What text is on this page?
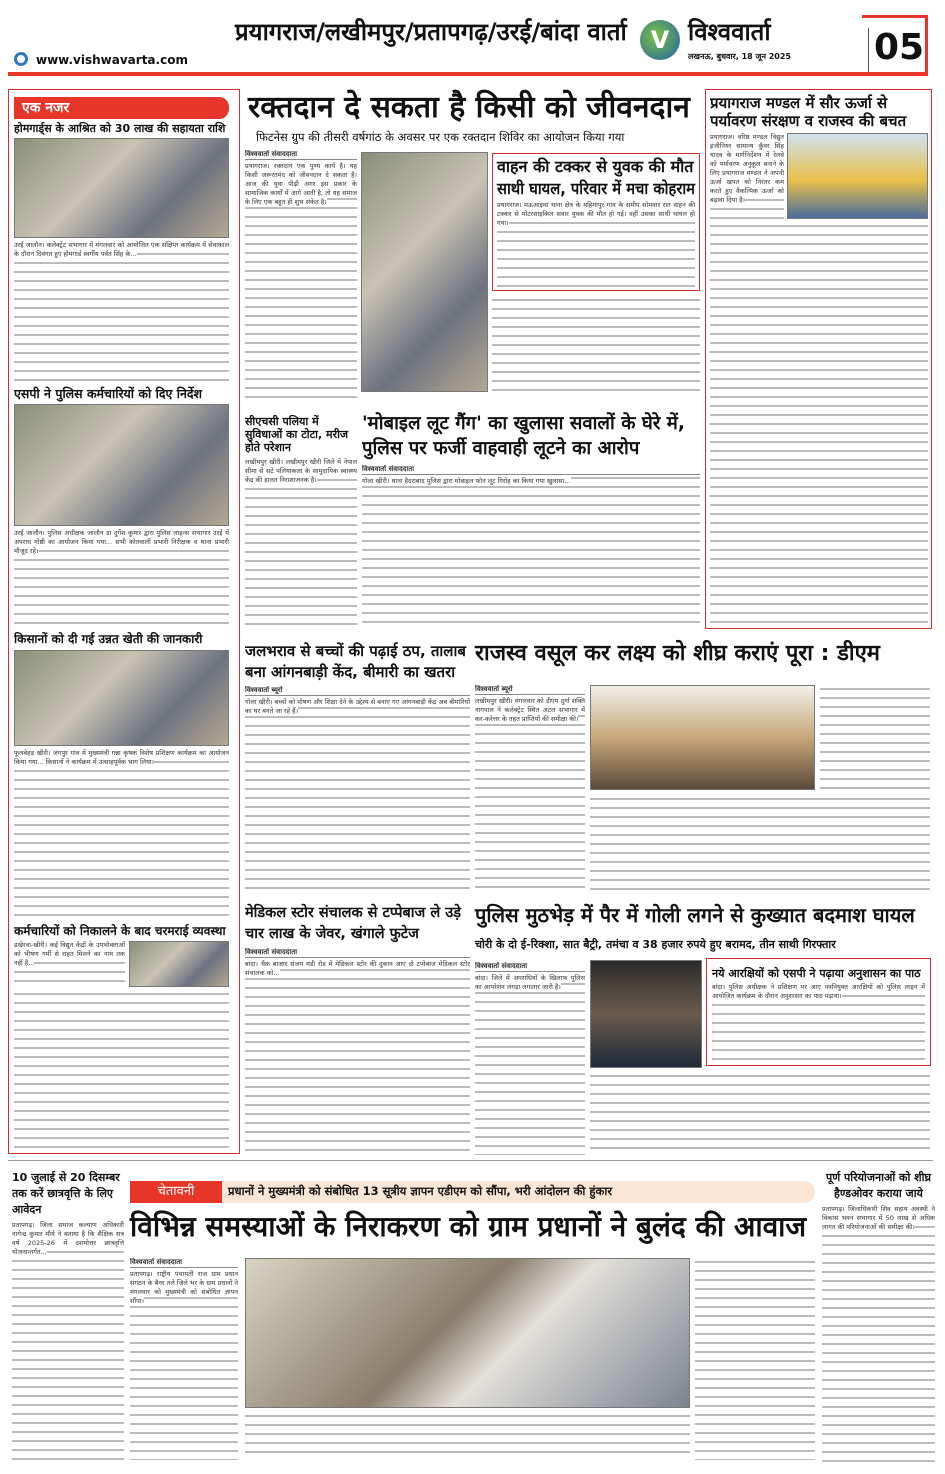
प्रयागराज/लखीमपुर/प्रतापगढ़/उरई/बांदा वार्ता V विश्ववार्ता
लखनऊ, बुधवार, 18 जून 2025	05
www.vishwavarta.com
एक नजर
होमगार्ड्स के आश्रित को 30 लाख की सहायता राशि
उरई जालौन। कलेक्ट्रेट सभागार में मंगलवार को आयोजित एक संक्षिप्त कार्यक्रम में सेवाकाल के दौरान दिवंगत हुए होमगार्ड स्वर्गीय पर्वत सिंह के...
एसपी ने पुलिस कर्मचारियों को दिए निर्देश
उरई जालौन। पुलिस अधीक्षक जालौन डा दुर्गेश कुमार द्वारा पुलिस लाइन्स सभागार उरई में अपराध गोष्ठी का आयोजन किया गया... सभी कोतवाली प्रभारी निरीक्षक व थाना प्रभारी मौजूद रहे।
किसानों को दी गई उन्नत खेती की जानकारी
फूलबेहड़ खीरी। जंगपुर गांव में मुख्यमंत्री गन्ना कृषक विशेष प्रशिक्षण कार्यक्रम का आयोजन किया गया... किसानों ने कार्यक्रम में उत्साहपूर्वक भाग लिया।
कर्मचारियों को निकालने के बाद चरमराई व्यवस्था
ढखेरवा-खीरी। कई विद्युत केंद्रों के उपभोक्ताओं को भीषण गर्मी से राहत मिलने का नाम तक नहीं है...
रक्तदान दे सकता है किसी को जीवनदान
फिटनेस ग्रुप की तीसरी वर्षगांठ के अवसर पर एक रक्तदान शिविर का आयोजन किया गया
विश्ववार्ता संवाददाता
प्रयागराज। रक्तदान एक पुण्य कार्य है। यह किसी जरूरतमंद को जीवनदान दे सकता है। आज की युवा पीढ़ी अगर इस प्रकार के सामाजिक कार्यों में आगे आती है, तो यह समाज के लिए एक बहुत ही शुभ संकेत है।
वाहन की टक्कर से युवक की मौत
साथी घायल, परिवार में मचा कोहराम
प्रयागराज। मऊआइमा थाना क्षेत्र के महिमापुर गांव के समीप सोमवार रात वाहन की टक्कर से मोटरसाइकिल सवार युवक की मौत हो गई। वहीं उसका साथी घायल हो गया।
प्रयागराज मण्डल में सौर ऊर्जा से पर्यावरण संरक्षण व राजस्व की बचत
प्रयागराज। वरिष्ठ मण्डल विद्युत इंजीनियर सामान्य कुँवर सिंह यादव के मार्गनिर्देशन में रेलवे को पर्यावरण अनुकूल बनाने के लिए प्रयागराज मण्डल ने अपनी ऊर्जा खपत को निरंतर कम करते हुए वैकल्पिक ऊर्जा को बढ़ावा दिया है।
सीएचसी पलिया में सुविधाओं का टोटा, मरीज होते परेशान
लखीमपुर खीरी। लखीमपुर खीरी जिले में नेपाल सीमा से सटे पलियाकलां के सामुदायिक स्वास्थ्य केंद्र की हालत निराशाजनक है।
'मोबाइल लूट गैंग' का खुलासा सवालों के घेरे में, पुलिस पर फर्जी वाहवाही लूटने का आरोप
विश्ववार्ता संवाददाता
गोला खीरी। थाना हैदराबाद पुलिस द्वारा मोबाइल फोन लूट गिरोह का किया गया खुलासा...
जलभराव से बच्चों की पढ़ाई ठप, तालाब बना आंगनबाड़ी केंद, बीमारी का खतरा
विश्ववार्ता ब्यूरो
गोला खीरी। बच्चों को पोषण और शिक्षा देने के उद्देश्य से बनाए गए आंगनबाड़ी केंद्र अब बीमारियों का घर बनते जा रहे हैं।
राजस्व वसूल कर लक्ष्य को शीघ्र कराएं पूरा : डीएम
विश्ववार्ता ब्यूरो
लखीमपुर खीरी। मंगलवार को डीएम दुर्गा शक्ति नागपाल ने कलेक्ट्रेट स्थित अटल सभागार में कर-करेत्तर के तहत प्राप्तियों की समीक्षा की।
मेडिकल स्टोर संचालक से टप्पेबाज ले उड़े चार लाख के जेवर, खंगाले फुटेज
विश्ववार्ता संवाददाता
बांदा। चैक बाजार संजय मंडी रोड में मेडिकल स्टोर की दुकान आए दो टप्पेबाज मेडिकल स्टोर संचालक को...
पुलिस मुठभेड़ में पैर में गोली लगने से कुख्यात बदमाश घायल
चोरी के दो ई-रिक्शा, सात बैट्री, तमंचा व 38 हजार रुपये हुए बरामद, तीन साथी गिरफ्तार
विश्ववार्ता संवाददाता
बांदा। जिले में अपराधियों के खिलाफ पुलिस का आपरेशन लंगड़ा लगातार जारी है।
नये आरक्षियों को एसपी ने पढ़ाया अनुशासन का पाठ
बांदा। पुलिस अधीक्षक ने प्रशिक्षण पर आए नवनियुक्त आरक्षियों को पुलिस लाइन में आयोजित कार्यक्रम के दौरान अनुशासन का पाठ पढ़ाया।
10 जुलाई से 20 दिसम्बर तक करें छात्रवृत्ति के लिए आवेदन
प्रतापगढ़। जिला समाज कल्याण अधिकारी नागेन्द्र कुमार मौर्य ने बताया है कि शैक्षिक सत्र वर्ष 2025-26 में दशमोत्तर छात्रवृत्ति योजनान्तर्गत...
चेतावनी	प्रधानों ने मुख्यमंत्री को संबोधित 13 सूत्रीय ज्ञापन एडीएम को सौंपा, भरी आंदोलन की हुंकार
विभिन्न समस्याओं के निराकरण को ग्राम प्रधानों ने बुलंद की आवाज
विश्ववार्ता संवाददाता
प्रतापगढ़। राष्ट्रीय पंचायती राज ग्राम प्रधान संगठन के बैनर तले जिले भर के ग्राम प्रधानों ने मंगलवार को मुख्यमंत्री को संबोधित ज्ञापन सौंपा।
पूर्ण परियोजनाओं को शीघ्र हैण्डओवर कराया जाये
प्रतापगढ़। जिलाधिकारी शिव सहाय अवस्थी ने विकास भवन सभागार में 50 लाख से अधिक लागत की परियोजनाओं की समीक्षा की।
